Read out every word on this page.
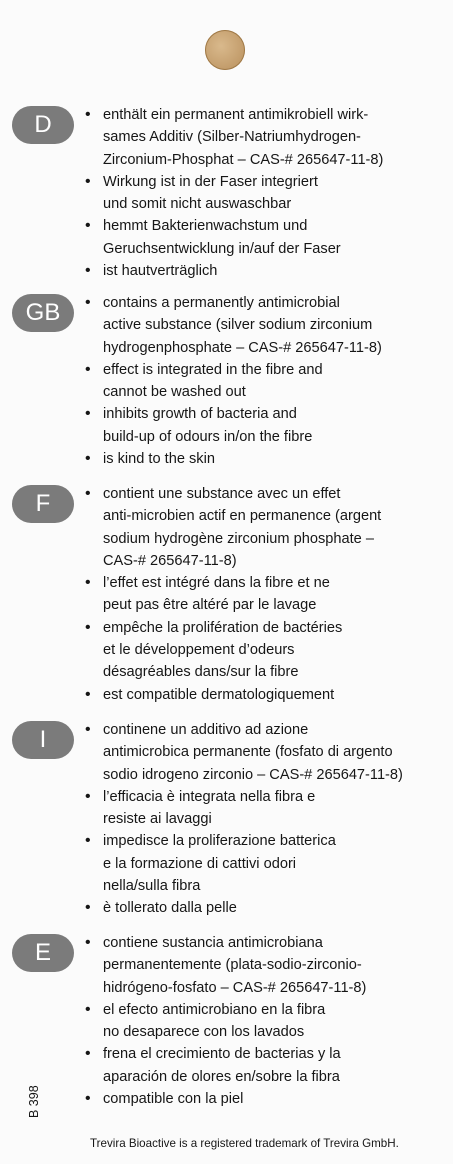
D	• enthält ein permanent antimikrobiell wirk-
sames Additiv (Silber-Natriumhydrogen-
Zirconium-Phosphat – CAS-# 265647-11-8)
• Wirkung ist in der Faser integriert
und somit nicht auswaschbar
• hemmt Bakterienwachstum und
Geruchsentwicklung in/auf der Faser
• ist hautverträglich
GB	• contains a permanently antimicrobial
active substance (silver sodium zirconium
hydrogenphosphate – CAS-# 265647-11-8)
• effect is integrated in the fibre and
cannot be washed out
• inhibits growth of bacteria and
build-up of odours in/on the fibre
• is kind to the skin
F	• contient une substance avec un effet
anti-microbien actif en permanence (argent
sodium hydrogène zirconium phosphate –
CAS-# 265647-11-8)
• l’effet est intégré dans la fibre et ne
peut pas être altéré par le lavage
• empêche la prolifération de bactéries
et le développement d’odeurs
désagréables dans/sur la fibre
• est compatible dermatologiquement
I	• continene un additivo ad azione
antimicrobica permanente (fosfato di argento
sodio idrogeno zirconio – CAS-# 265647-11-8)
• l’efficacia è integrata nella fibra e
resiste ai lavaggi
• impedisce la proliferazione batterica
e la formazione di cattivi odori
nella/sulla fibra
• è tollerato dalla pelle
E	• contiene sustancia antimicrobiana
permanentemente (plata-sodio-zirconio-
hidrógeno-fosfato – CAS-# 265647-11-8)
• el efecto antimicrobiano en la fibra
no desaparece con los lavados
• frena el crecimiento de bacterias y la
aparación de olores en/sobre la fibra
• compatible con la piel
B 398
Trevira Bioactive is a registered trademark of Trevira GmbH.
